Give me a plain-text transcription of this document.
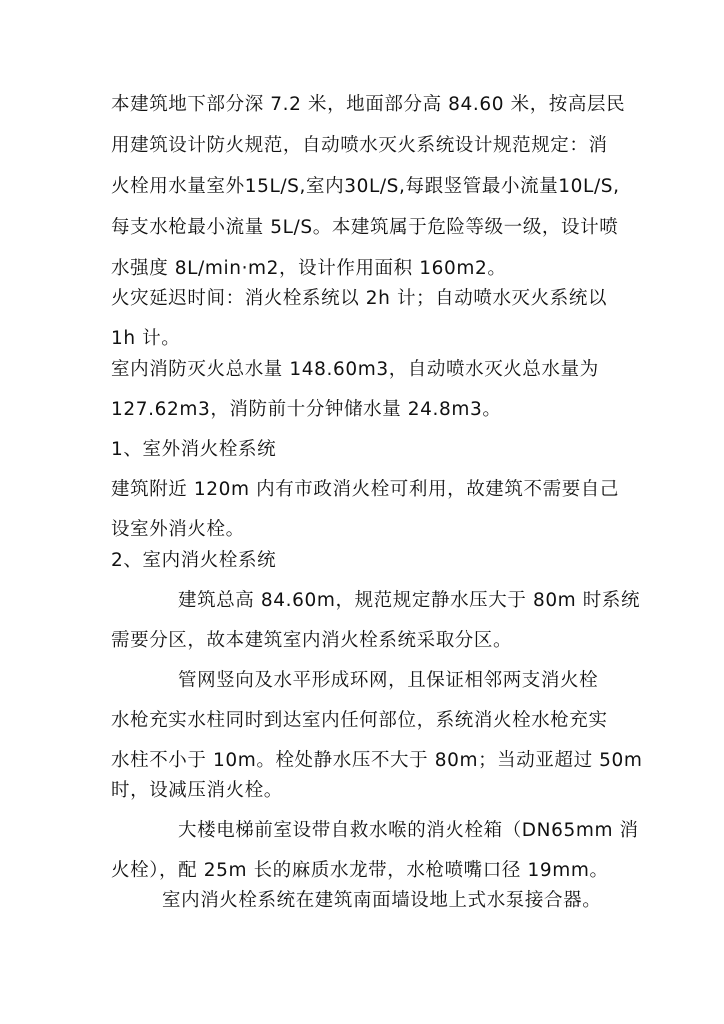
本建筑地下部分深 7.2 米，地面部分高 84.60 米，按高层民
用建筑设计防火规范，自动喷水灭火系统设计规范规定：消
火栓用水量室外15L/S,室内30L/S,每跟竖管最小流量10L/S,
每支水枪最小流量 5L/S。本建筑属于危险等级一级，设计喷
水强度 8L/min·m2，设计作用面积 160m2。
火灾延迟时间：消火栓系统以 2h 计；自动喷水灭火系统以
1h 计。
室内消防灭火总水量 148.60m3，自动喷水灭火总水量为
127.62m3，消防前十分钟储水量 24.8m3。
1、室外消火栓系统
建筑附近 120m 内有市政消火栓可利用，故建筑不需要自己
设室外消火栓。
2、室内消火栓系统
建筑总高 84.60m，规范规定静水压大于 80m 时系统
需要分区，故本建筑室内消火栓系统采取分区。
管网竖向及水平形成环网，且保证相邻两支消火栓
水枪充实水柱同时到达室内任何部位，系统消火栓水枪充实
水柱不小于 10m。栓处静水压不大于 80m；当动亚超过 50m
时，设减压消火栓。
大楼电梯前室设带自救水喉的消火栓箱（DN65mm 消
火栓），配 25m 长的麻质水龙带，水枪喷嘴口径 19mm。
室内消火栓系统在建筑南面墙设地上式水泵接合器。
